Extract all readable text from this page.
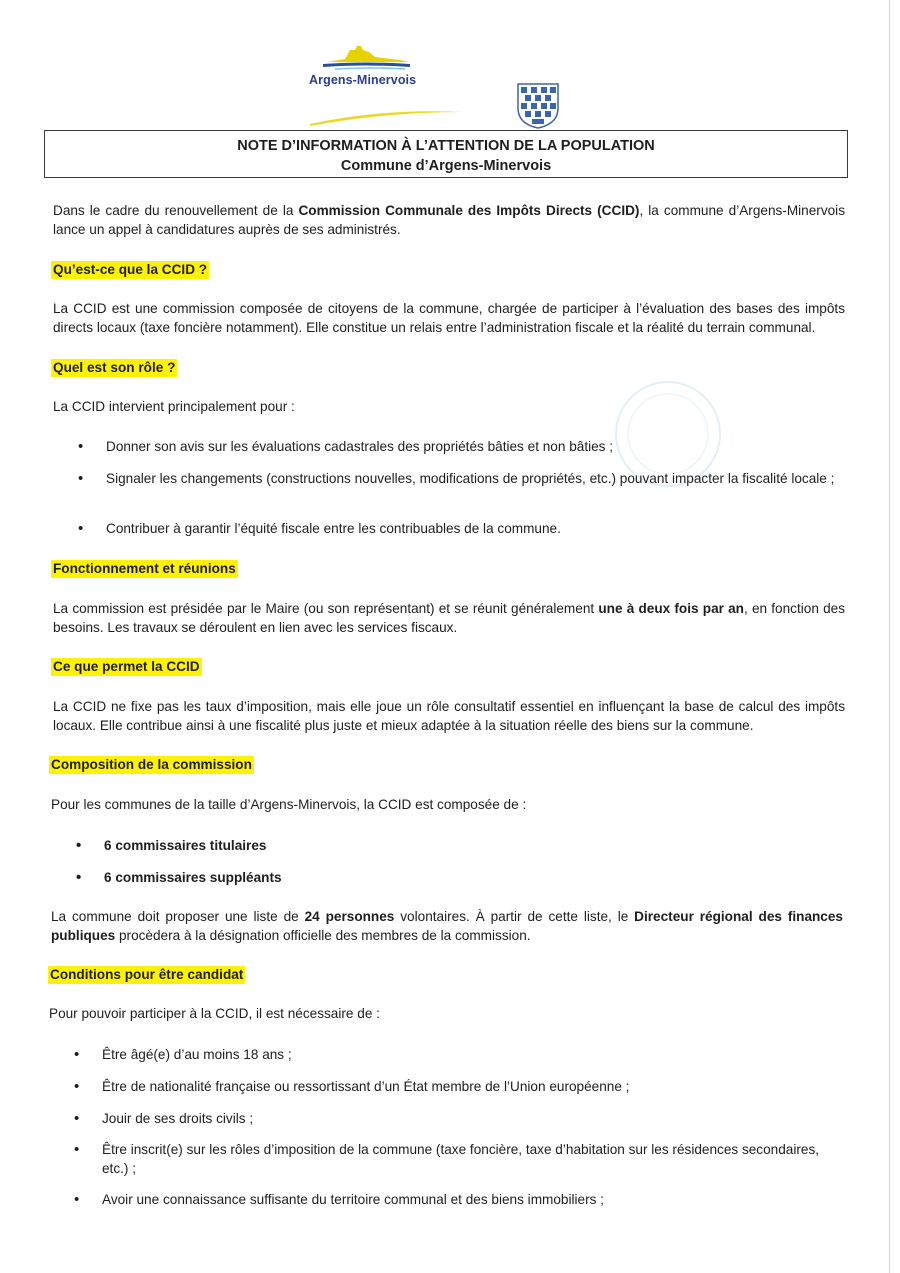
Argens-Minervois
NOTE D’INFORMATION À L’ATTENTION DE LA POPULATION
Commune d’Argens-Minervois

Dans le cadre du renouvellement de la Commission Communale des Impôts Directs (CCID), la commune d’Argens-Minervois lance un appel à candidatures auprès de ses administrés.

Qu’est-ce que la CCID ?

La CCID est une commission composée de citoyens de la commune, chargée de participer à l’évaluation des bases des impôts directs locaux (taxe foncière notamment). Elle constitue un relais entre l’administration fiscale et la réalité du terrain communal.

Quel est son rôle ?

La CCID intervient principalement pour :

• Donner son avis sur les évaluations cadastrales des propriétés bâties et non bâties ;
• Signaler les changements (constructions nouvelles, modifications de propriétés, etc.) pouvant impacter la fiscalité locale ;
• Contribuer à garantir l’équité fiscale entre les contribuables de la commune.
Fonctionnement et réunions

La commission est présidée par le Maire (ou son représentant) et se réunit généralement une à deux fois par an, en fonction des besoins. Les travaux se déroulent en lien avec les services fiscaux.

Ce que permet la CCID

La CCID ne fixe pas les taux d’imposition, mais elle joue un rôle consultatif essentiel en influençant la base de calcul des impôts locaux. Elle contribue ainsi à une fiscalité plus juste et mieux adaptée à la situation réelle des biens sur la commune.

Composition de la commission

Pour les communes de la taille d’Argens-Minervois, la CCID est composée de :

• 6 commissaires titulaires
• 6 commissaires suppléants

La commune doit proposer une liste de 24 personnes volontaires. À partir de cette liste, le Directeur régional des finances publiques procèdera à la désignation officielle des membres de la commission.

Conditions pour être candidat

Pour pouvoir participer à la CCID, il est nécessaire de :

• Être âgé(e) d’au moins 18 ans ;
• Être de nationalité française ou ressortissant d’un État membre de l’Union européenne ;
• Jouir de ses droits civils ;
• Être inscrit(e) sur les rôles d’imposition de la commune (taxe foncière, taxe d’habitation sur les résidences secondaires, etc.) ;
• Avoir une connaissance suffisante du territoire communal et des biens immobiliers ;
